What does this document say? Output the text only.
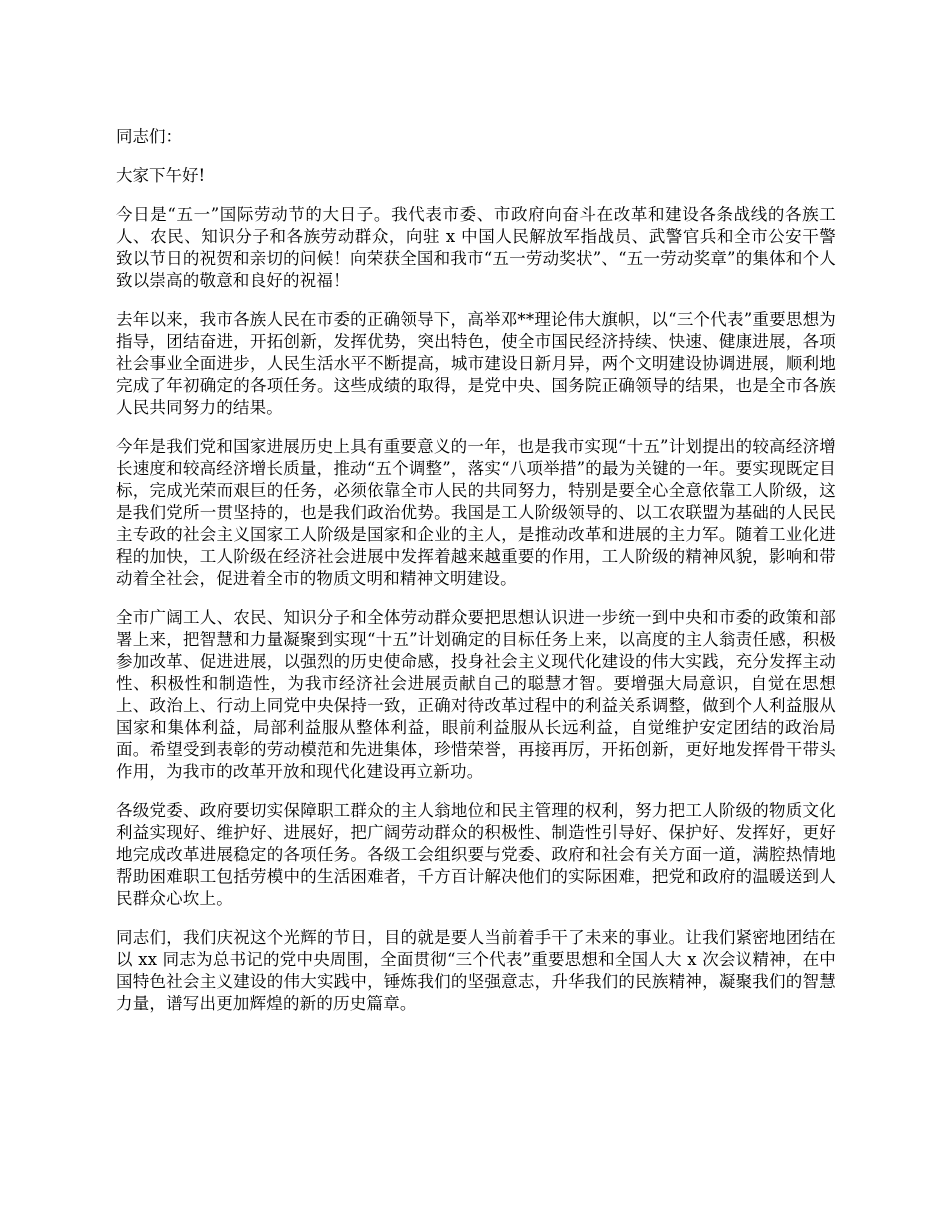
同志们：

大家下午好!

今日是“五一”国际劳动节的大日子。我代表市委、市政府向奋斗在改革和建设各条战线的各族工人、农民、知识分子和各族劳动群众，向驻 x 中国人民解放军指战员、武警官兵和全市公安干警致以节日的祝贺和亲切的问候！向荣获全国和我市“五一劳动奖状”、“五一劳动奖章”的集体和个人致以崇高的敬意和良好的祝福！

去年以来，我市各族人民在市委的正确领导下，高举邓**理论伟大旗帜，以“三个代表”重要思想为指导，团结奋进，开拓创新，发挥优势，突出特色，使全市国民经济持续、快速、健康进展，各项社会事业全面进步，人民生活水平不断提高，城市建设日新月异，两个文明建设协调进展，顺利地完成了年初确定的各项任务。这些成绩的取得，是党中央、国务院正确领导的结果，也是全市各族人民共同努力的结果。

今年是我们党和国家进展历史上具有重要意义的一年，也是我市实现“十五”计划提出的较高经济增长速度和较高经济增长质量，推动“五个调整”，落实“八项举措”的最为关键的一年。要实现既定目标，完成光荣而艰巨的任务，必须依靠全市人民的共同努力，特别是要全心全意依靠工人阶级，这是我们党所一贯坚持的，也是我们政治优势。我国是工人阶级领导的、以工农联盟为基础的人民民主专政的社会主义国家工人阶级是国家和企业的主人，是推动改革和进展的主力军。随着工业化进程的加快，工人阶级在经济社会进展中发挥着越来越重要的作用，工人阶级的精神风貌，影响和带动着全社会，促进着全市的物质文明和精神文明建设。

全市广阔工人、农民、知识分子和全体劳动群众要把思想认识进一步统一到中央和市委的政策和部署上来，把智慧和力量凝聚到实现“十五”计划确定的目标任务上来，以高度的主人翁责任感，积极参加改革、促进进展，以强烈的历史使命感，投身社会主义现代化建设的伟大实践，充分发挥主动性、积极性和制造性，为我市经济社会进展贡献自己的聪慧才智。要增强大局意识，自觉在思想上、政治上、行动上同党中央保持一致，正确对待改革过程中的利益关系调整，做到个人利益服从国家和集体利益，局部利益服从整体利益，眼前利益服从长远利益，自觉维护安定团结的政治局面。希望受到表彰的劳动模范和先进集体，珍惜荣誉，再接再厉，开拓创新，更好地发挥骨干带头作用，为我市的改革开放和现代化建设再立新功。

各级党委、政府要切实保障职工群众的主人翁地位和民主管理的权利，努力把工人阶级的物质文化利益实现好、维护好、进展好，把广阔劳动群众的积极性、制造性引导好、保护好、发挥好，更好地完成改革进展稳定的各项任务。各级工会组织要与党委、政府和社会有关方面一道，满腔热情地帮助困难职工包括劳模中的生活困难者，千方百计解决他们的实际困难，把党和政府的温暖送到人民群众心坎上。

同志们，我们庆祝这个光辉的节日，目的就是要人当前着手干了未来的事业。让我们紧密地团结在以 xx 同志为总书记的党中央周围，全面贯彻“三个代表”重要思想和全国人大 x 次会议精神，在中国特色社会主义建设的伟大实践中，锤炼我们的坚强意志，升华我们的民族精神，凝聚我们的智慧力量，谱写出更加辉煌的新的历史篇章。
